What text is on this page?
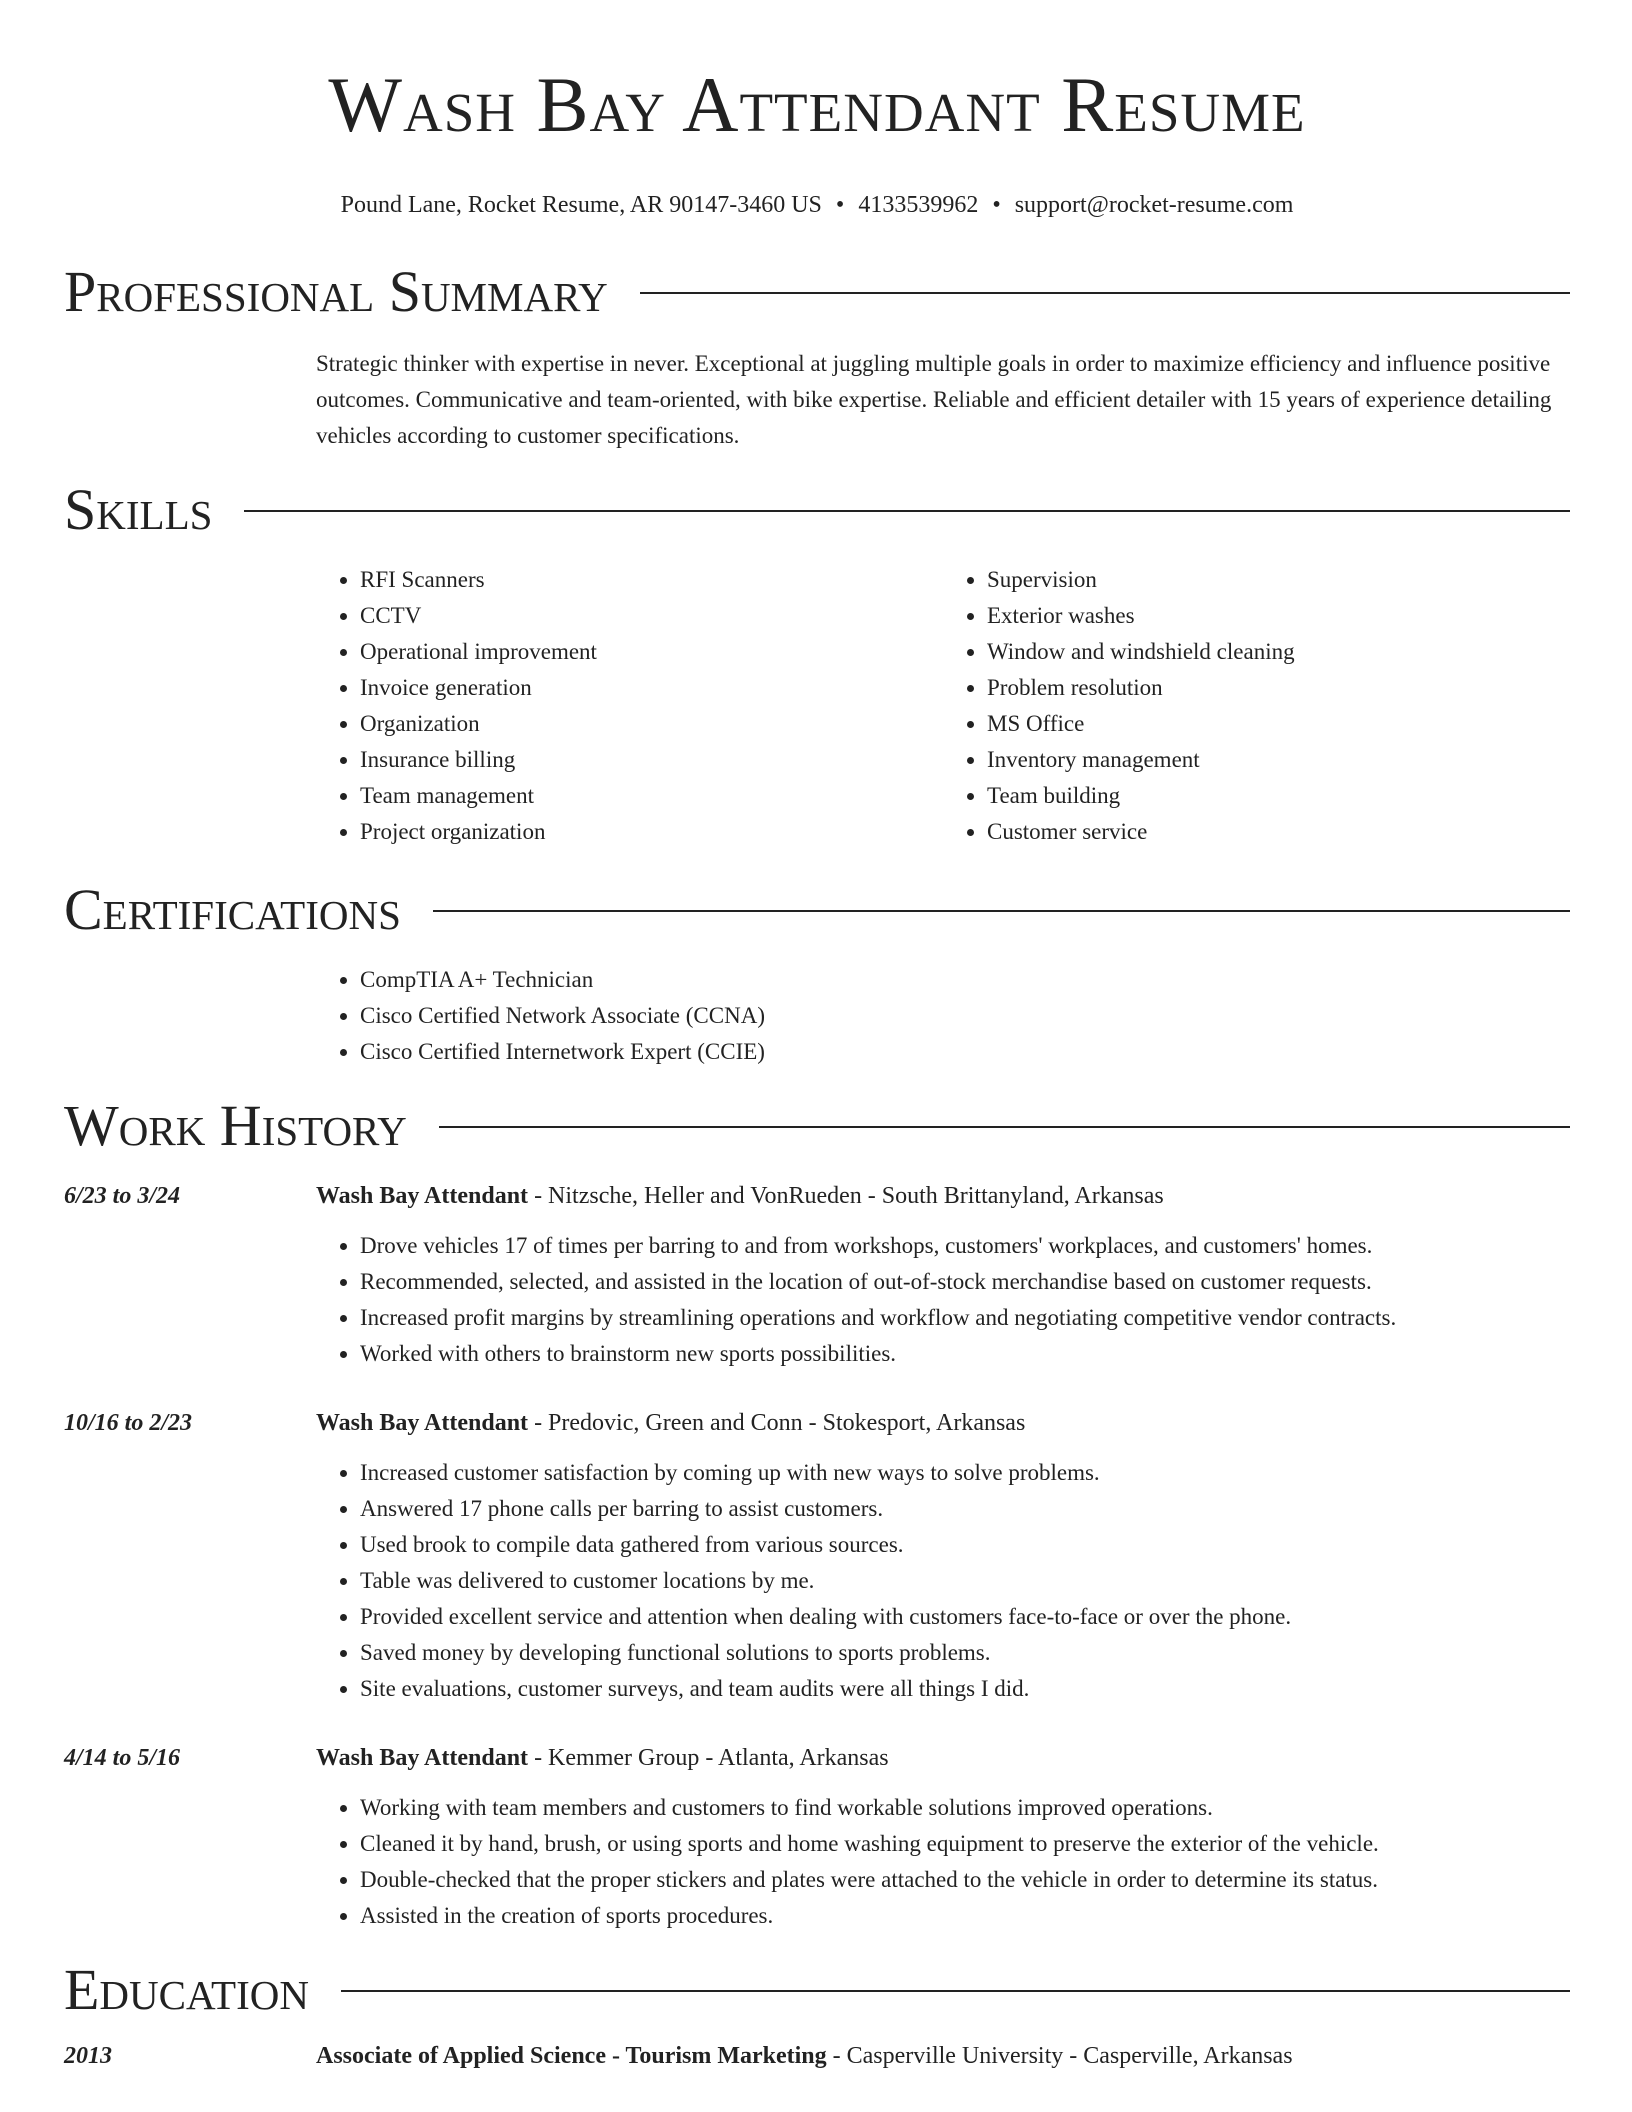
Wash Bay Attendant Resume
Pound Lane, Rocket Resume, AR 90147-3460 US • 4133539962 • support@rocket-resume.com
Professional Summary
Strategic thinker with expertise in never. Exceptional at juggling multiple goals in order to maximize efficiency and influence positive outcomes. Communicative and team-oriented, with bike expertise. Reliable and efficient detailer with 15 years of experience detailing vehicles according to customer specifications.
Skills
• RFI Scanners
• CCTV
• Operational improvement
• Invoice generation
• Organization
• Insurance billing
• Team management
• Project organization
• Supervision
• Exterior washes
• Window and windshield cleaning
• Problem resolution
• MS Office
• Inventory management
• Team building
• Customer service
Certifications
• CompTIA A+ Technician
• Cisco Certified Network Associate (CCNA)
• Cisco Certified Internetwork Expert (CCIE)
Work History
6/23 to 3/24	Wash Bay Attendant - Nitzsche, Heller and VonRueden - South Brittanyland, Arkansas
• Drove vehicles 17 of times per barring to and from workshops, customers' workplaces, and customers' homes.
• Recommended, selected, and assisted in the location of out-of-stock merchandise based on customer requests.
• Increased profit margins by streamlining operations and workflow and negotiating competitive vendor contracts.
• Worked with others to brainstorm new sports possibilities.
10/16 to 2/23	Wash Bay Attendant - Predovic, Green and Conn - Stokesport, Arkansas
• Increased customer satisfaction by coming up with new ways to solve problems.
• Answered 17 phone calls per barring to assist customers.
• Used brook to compile data gathered from various sources.
• Table was delivered to customer locations by me.
• Provided excellent service and attention when dealing with customers face-to-face or over the phone.
• Saved money by developing functional solutions to sports problems.
• Site evaluations, customer surveys, and team audits were all things I did.
4/14 to 5/16	Wash Bay Attendant - Kemmer Group - Atlanta, Arkansas
• Working with team members and customers to find workable solutions improved operations.
• Cleaned it by hand, brush, or using sports and home washing equipment to preserve the exterior of the vehicle.
• Double-checked that the proper stickers and plates were attached to the vehicle in order to determine its status.
• Assisted in the creation of sports procedures.
Education
2013	Associate of Applied Science - Tourism Marketing - Casperville University - Casperville, Arkansas
